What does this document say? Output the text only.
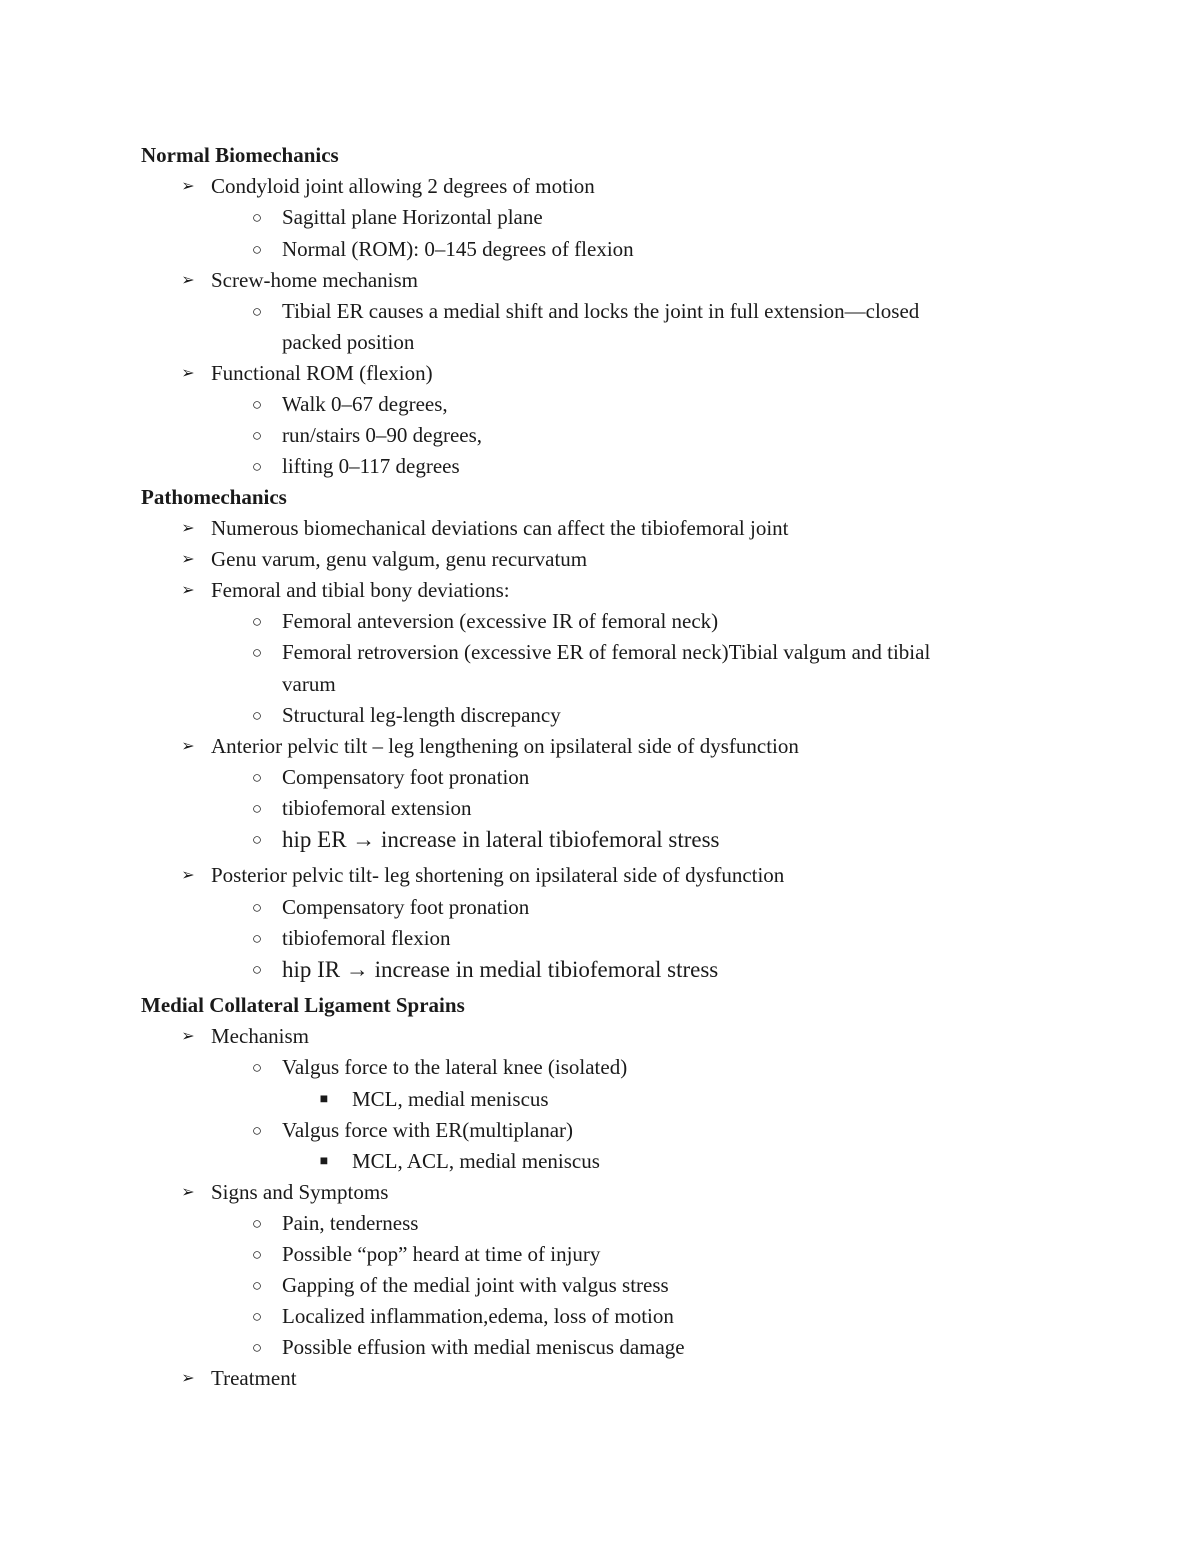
Normal Biomechanics
➢ Condyloid joint allowing 2 degrees of motion
○ Sagittal plane Horizontal plane
○ Normal (ROM): 0–145 degrees of flexion
➢ Screw-home mechanism
○ Tibial ER causes a medial shift and locks the joint in full extension—closed
packed position
➢ Functional ROM (flexion)
○ Walk 0–67 degrees,
○ run/stairs 0–90 degrees,
○ lifting 0–117 degrees
Pathomechanics
➢ Numerous biomechanical deviations can affect the tibiofemoral joint
➢ Genu varum, genu valgum, genu recurvatum
➢ Femoral and tibial bony deviations:
○ Femoral anteversion (excessive IR of femoral neck)
○ Femoral retroversion (excessive ER of femoral neck)Tibial valgum and tibial
varum
○ Structural leg-length discrepancy
➢ Anterior pelvic tilt – leg lengthening on ipsilateral side of dysfunction
○ Compensatory foot pronation
○ tibiofemoral extension
○ hip ER → increase in lateral tibiofemoral stress
➢ Posterior pelvic tilt- leg shortening on ipsilateral side of dysfunction
○ Compensatory foot pronation
○ tibiofemoral flexion
○ hip IR → increase in medial tibiofemoral stress
Medial Collateral Ligament Sprains
➢ Mechanism
○ Valgus force to the lateral knee (isolated)
■ MCL, medial meniscus
○ Valgus force with ER(multiplanar)
■ MCL, ACL, medial meniscus
➢ Signs and Symptoms
○ Pain, tenderness
○ Possible “pop” heard at time of injury
○ Gapping of the medial joint with valgus stress
○ Localized inflammation,edema, loss of motion
○ Possible effusion with medial meniscus damage
➢ Treatment
